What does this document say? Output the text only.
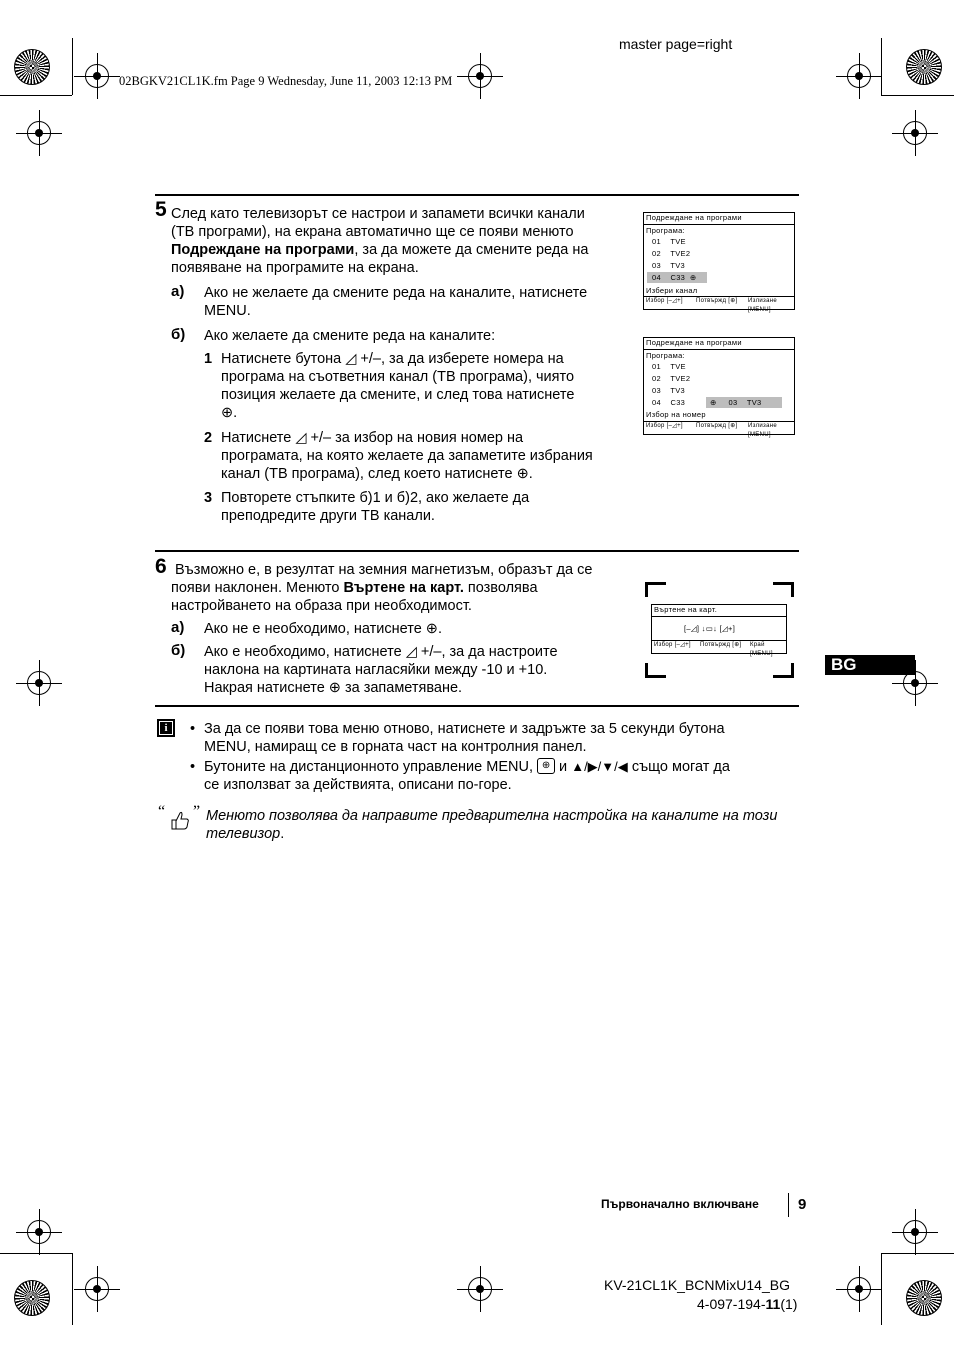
master page=right
02BGKV21CL1K.fm Page 9 Wednesday, June 11, 2003 12:13 PM
5 След като телевизорът се настрои и запамети всички канали
(ТВ програми), на екрана автоматично ще се появи менюто
Подреждане на програми, за да можете да смените реда на
появяване на програмите на екрана.
а) Ако не желаете да смените реда на каналите, натиснете
MENU.
б) Ако желаете да смените реда на каналите:
1 Натиснете бутона ◿ +/–, за да изберете номера на
програма на съответния канал (ТВ програма), чиято
позиция желаете да смените, и след това натиснете
⊕.
2 Натиснете ◿ +/– за избор на новия номер на
програмата, на която желаете да запаметите избрания
канал (ТВ програма), след което натиснете ⊕.
3 Повторете стъпките б)1 и б)2, ако желаете да
преподредите други ТВ канали.
Подреждане на програми
Програма:
01    TVE
02    TVE2
03    TV3
04    C33  ⊕
Избери канал
Избор [–◿+] Потвържд [⊕] Излизане [MENU]
Подреждане на програми
Програма:
01    TVE
02    TVE2
03    TV3
04    C33	⊕     03    TV3
Избор на номер
Избор [–◿+] Потвържд [⊕] Излизане [MENU]
6 Възможно е, в резултат на земния магнетизъм, образът да се
появи наклонен. Менюто Въртене на карт. позволява
настройването на образа при необходимост.
а) Ако не е необходимо, натиснете ⊕.
б) Ако е необходимо, натиснете ◿ +/–, за да настроите
наклона на картината нагласяйки между -10 и +10.
Накрая натиснете ⊕ за запаметяване.
Въртене на карт.
[–◿] ↓▭↓ [◿+]
Избор [–◿+] Потвържд [⊕] Край [MENU]
BG
i	• За да се появи това меню отново, натиснете и задръжте за 5 секунди бутона
MENU, намиращ се в горната част на контролния панел.
• Бутоните на дистанционното управление MENU, ⊕ и ▲/▶/▼/◀ също могат да
се използват за действията, описани по-горе.
“ ” Менюто позволява да направите предварителна настройка на каналите на този
телевизор.
Първоначално включване	9
KV-21CL1K_BCNMixU14_BG
4-097-194-11(1)
